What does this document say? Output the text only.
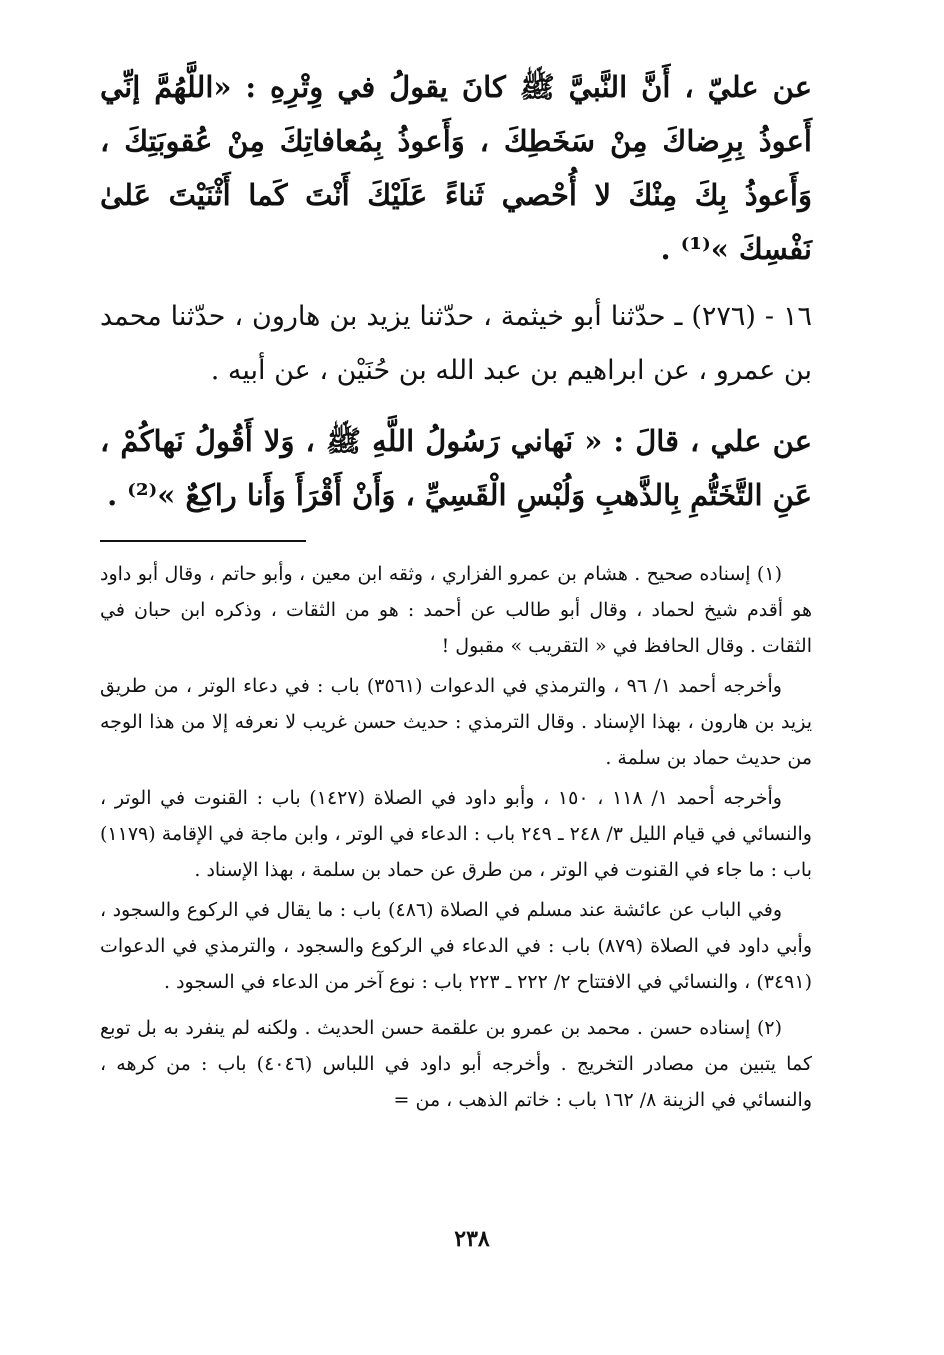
عن عليّ ، أَنَّ النَّبيَّ ﷺ كانَ يقولُ في وِتْرِهِ : «اللَّهُمَّ إنِّي أَعوذُ بِرِضاكَ مِنْ سَخَطِكَ ، وَأَعوذُ بِمُعافاتِكَ مِنْ عُقوبَتِكَ ، وَأَعوذُ بِكَ مِنْكَ لا أُحْصي ثَناءً عَلَيْكَ أَنْتَ كَما أَثْنَيْتَ عَلىٰ نَفْسِكَ »⁽¹⁾ .

١٦ - (٢٧٦) ـ حدّثنا أبو خيثمة ، حدّثنا يزيد بن هارون ، حدّثنا محمد بن عمرو ، عن ابراهيم بن عبد الله بن حُنَيْن ، عن أبيه .

عن علي ، قالَ : « نَهاني رَسُولُ اللَّهِ ﷺ ، وَلا أَقُولُ نَهاكُمْ ، عَنِ التَّخَتُّمِ بِالذَّهبِ وَلُبْسِ الْقَسِيِّ ، وَأَنْ أَقْرَأَ وَأَنا راكِعٌ »⁽²⁾ .

(١) إسناده صحيح . هشام بن عمرو الفزاري ، وثقه ابن معين ، وأبو حاتم ، وقال أبو داود هو أقدم شيخ لحماد ، وقال أبو طالب عن أحمد : هو من الثقات ، وذكره ابن حبان في الثقات . وقال الحافظ في « التقريب » مقبول !

وأخرجه أحمد ١/ ٩٦ ، والترمذي في الدعوات (٣٥٦١) باب : في دعاء الوتر ، من طريق يزيد بن هارون ، بهذا الإسناد . وقال الترمذي : حديث حسن غريب لا نعرفه إلا من هذا الوجه من حديث حماد بن سلمة .

وأخرجه أحمد ١/ ١١٨ ، ١٥٠ ، وأبو داود في الصلاة (١٤٢٧) باب : القنوت في الوتر ، والنسائي في قيام الليل ٣/ ٢٤٨ ـ ٢٤٩ باب : الدعاء في الوتر ، وابن ماجة في الإقامة (١١٧٩) باب : ما جاء في القنوت في الوتر ، من طرق عن حماد بن سلمة ، بهذا الإسناد .

وفي الباب عن عائشة عند مسلم في الصلاة (٤٨٦) باب : ما يقال في الركوع والسجود ، وأبي داود في الصلاة (٨٧٩) باب : في الدعاء في الركوع والسجود ، والترمذي في الدعوات (٣٤٩١) ، والنسائي في الافتتاح ٢/ ٢٢٢ ـ ٢٢٣ باب : نوع آخر من الدعاء في السجود .

(٢) إسناده حسن . محمد بن عمرو بن علقمة حسن الحديث . ولكنه لم ينفرد به بل توبع كما يتبين من مصادر التخريج . وأخرجه أبو داود في اللباس (٤٠٤٦) باب : من كرهه ، والنسائي في الزينة ٨/ ١٦٢ باب : خاتم الذهب ، من =

٢٣٨
